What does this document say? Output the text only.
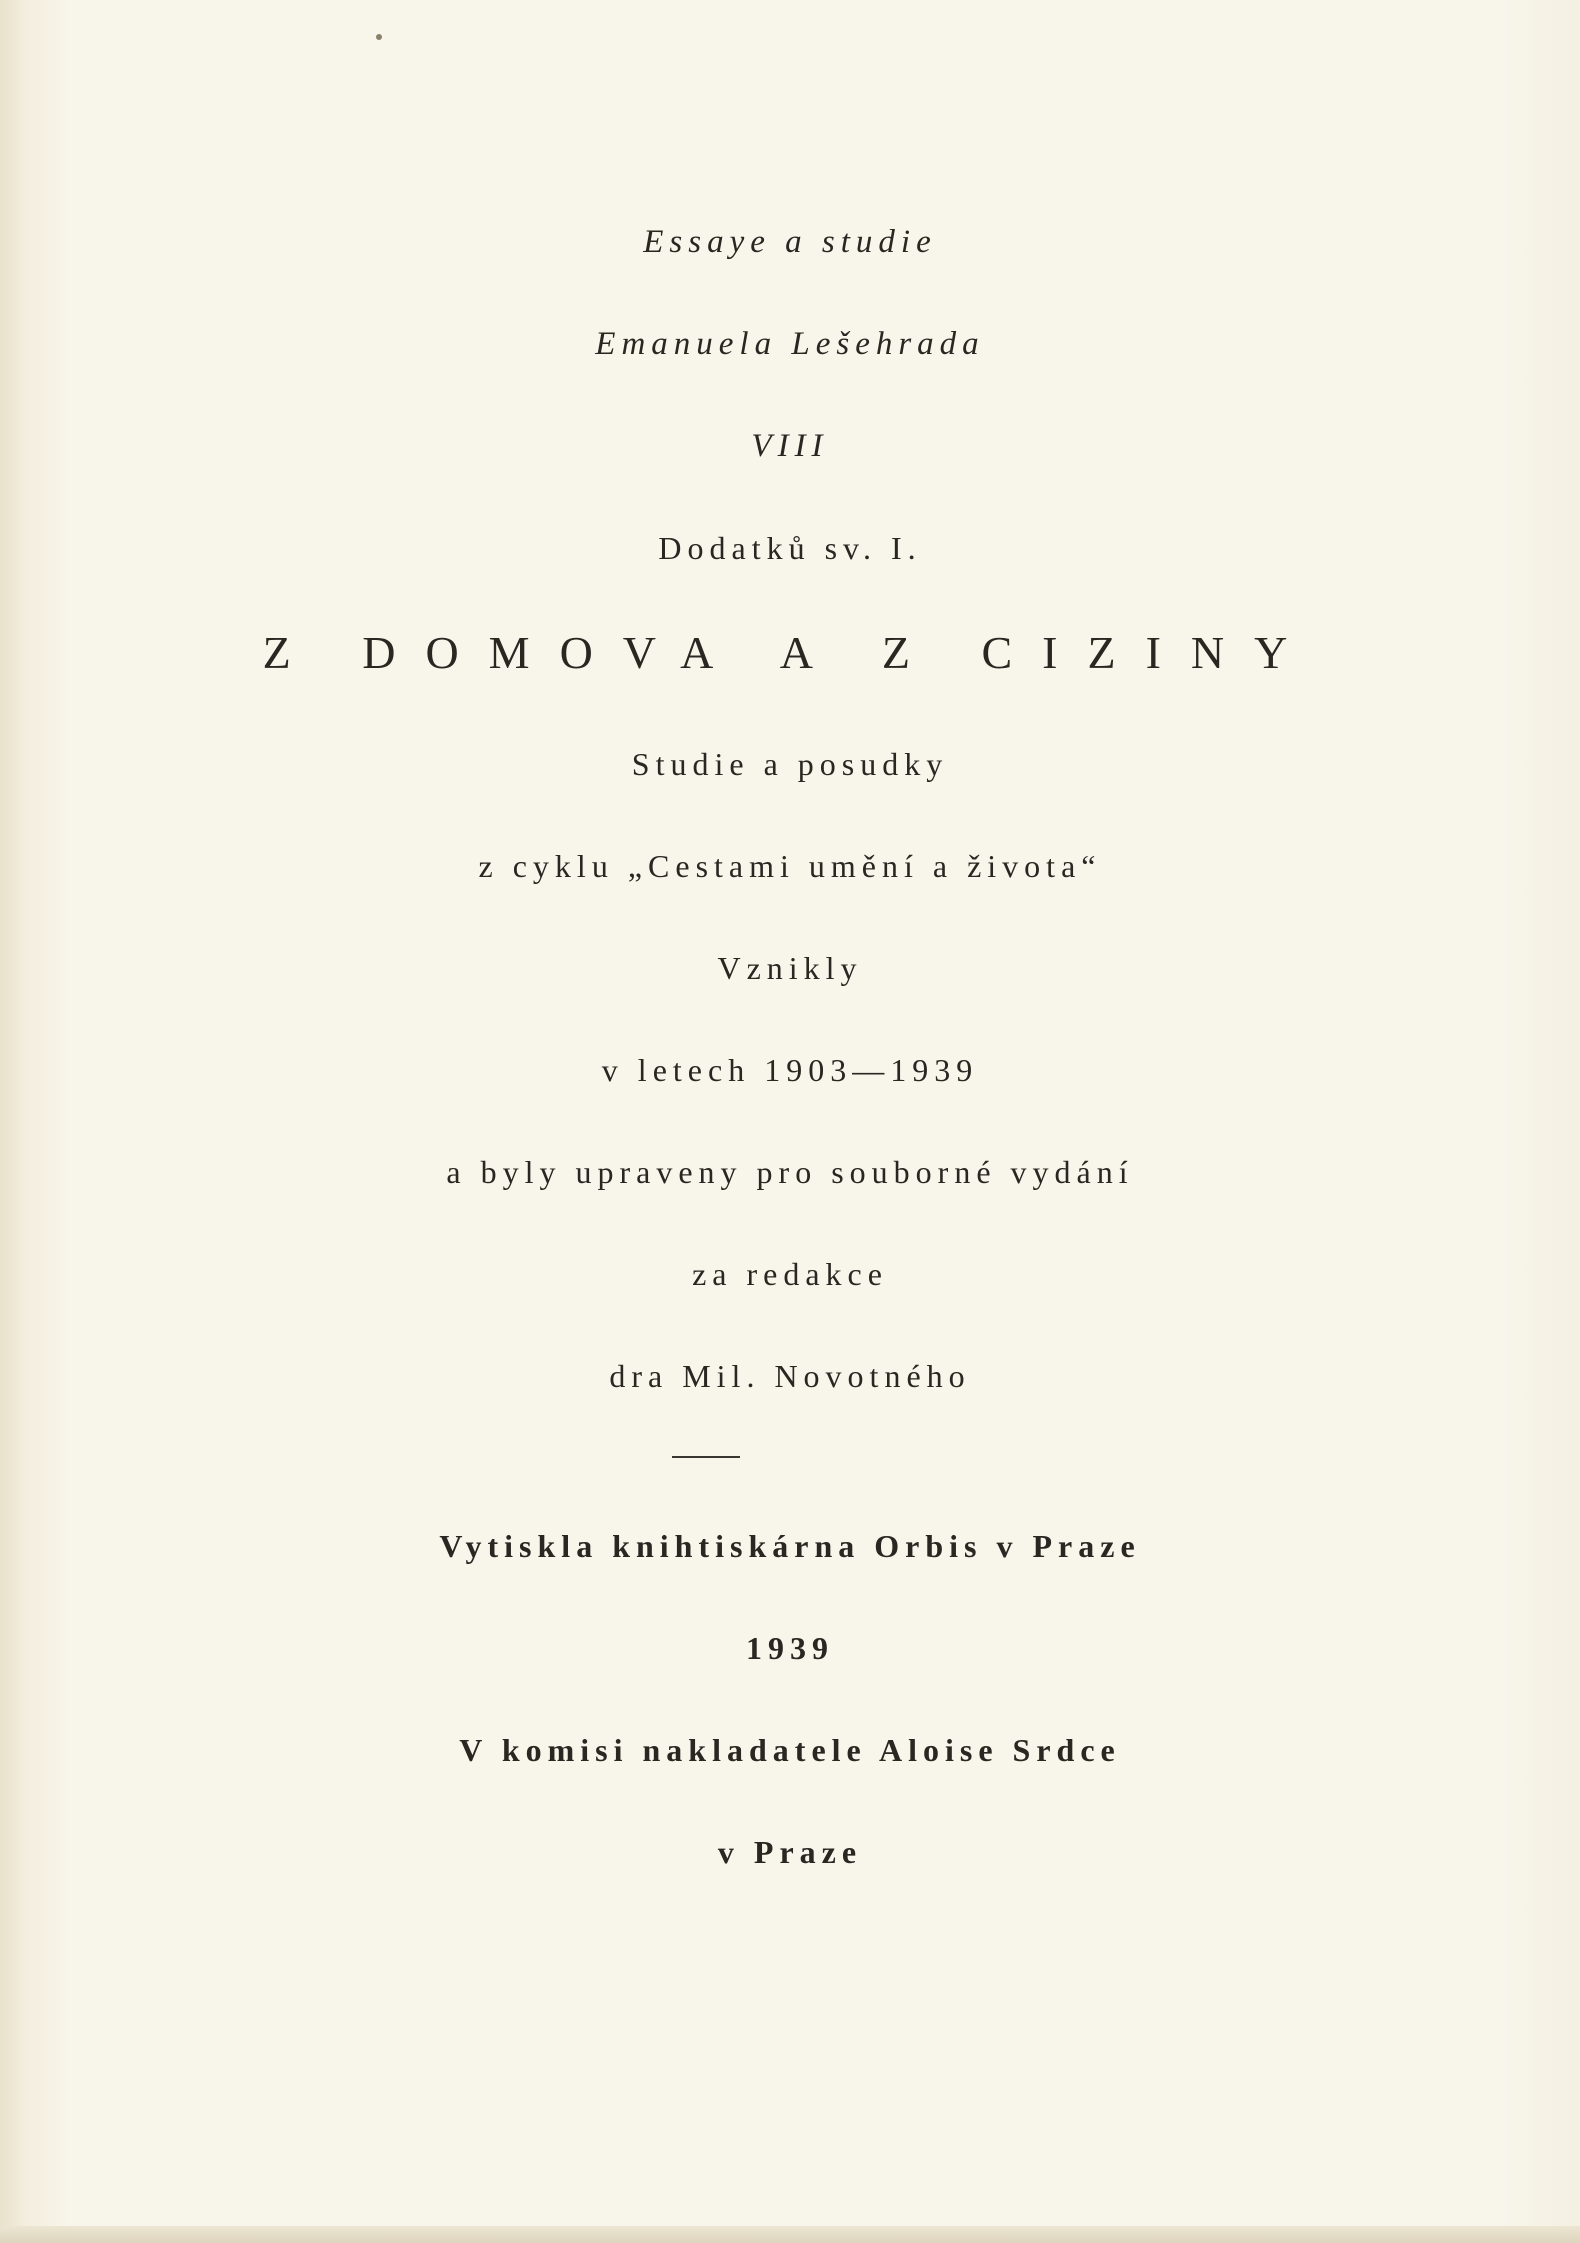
Essaye a studie
Emanuela Lešehrada
VIII
Dodatků sv. I.
Z DOMOVA A Z CIZINY
Studie a posudky
z cyklu „Cestami umění a života“
Vznikly
v letech 1903—1939
a byly upraveny pro souborné vydání
za redakce
dra Mil. Novotného
Vytiskla knihtiskárna Orbis v Praze
1939
V komisi nakladatele Aloise Srdce
v Praze
